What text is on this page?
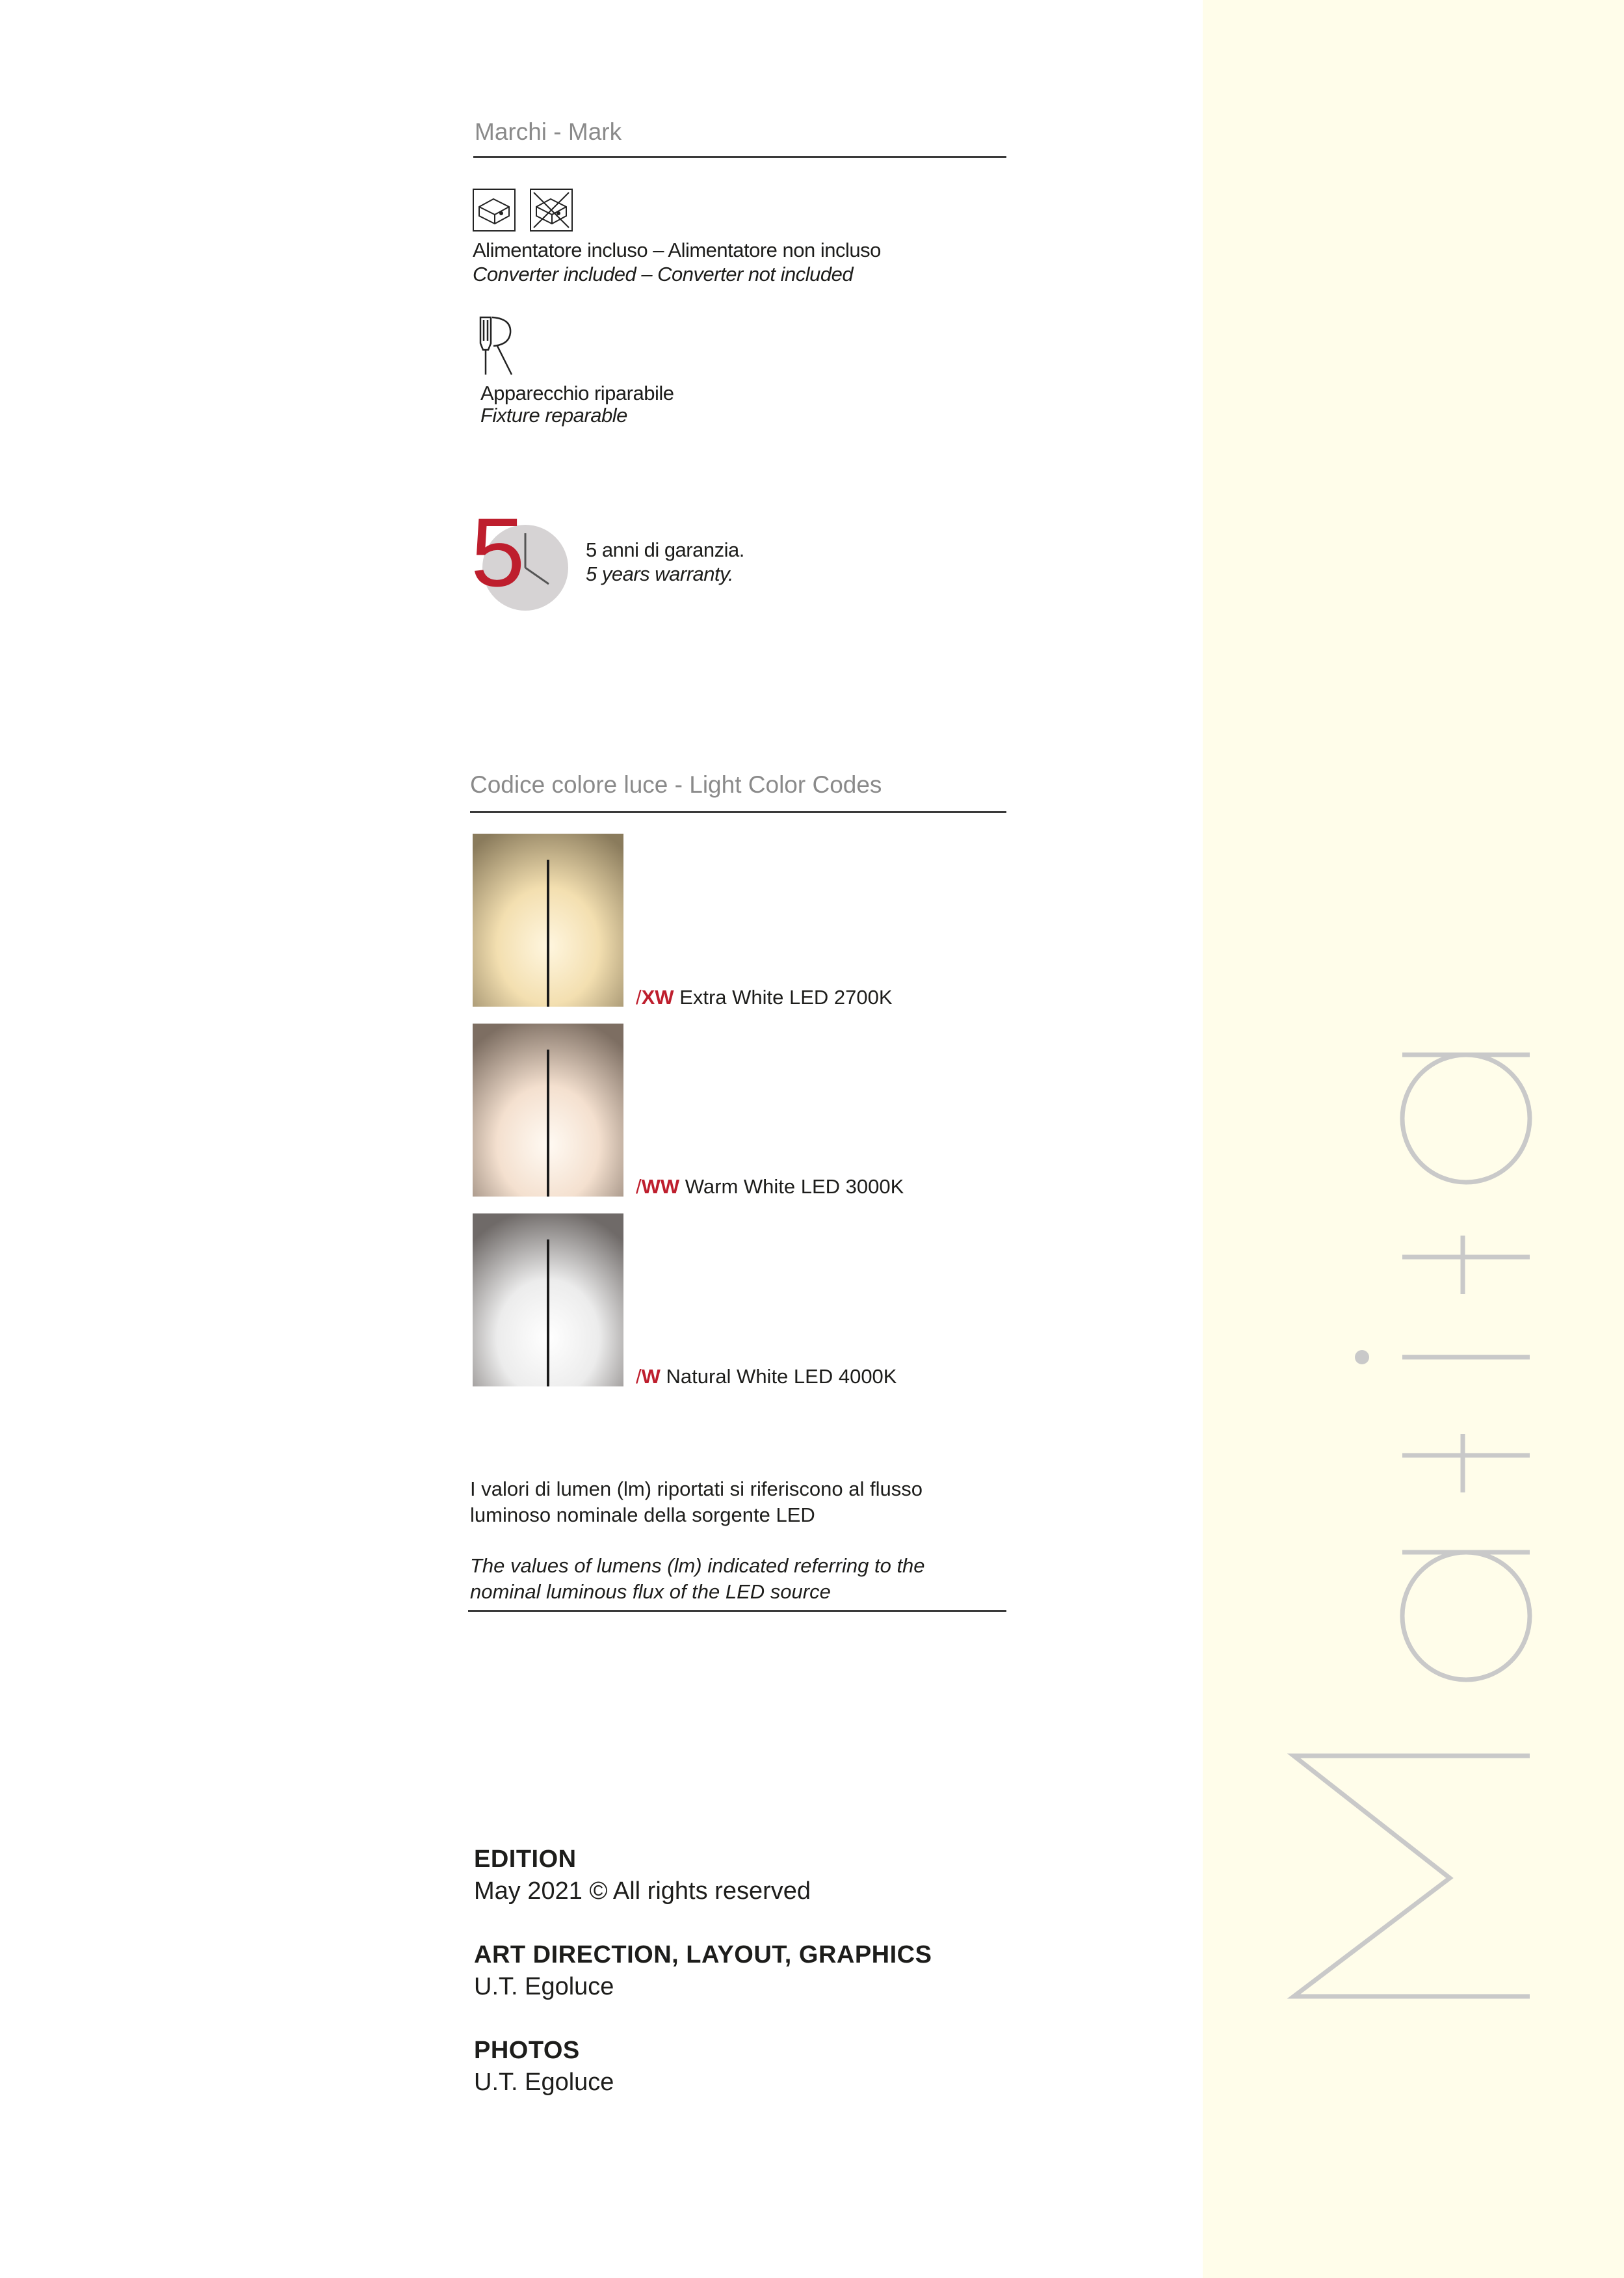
Marchi - Mark
Alimentatore incluso – Alimentatore non incluso
Converter included – Converter not included
Apparecchio riparabile
Fixture reparable
5	5 anni di garanzia.
5 years warranty.
Codice colore luce - Light Color Codes
/XW Extra White LED 2700K
/WW Warm White LED 3000K
/W Natural White LED 4000K
I valori di lumen (lm) riportati si riferiscono al flusso
luminoso nominale della sorgente LED
The values of lumens (lm) indicated referring to the
nominal luminous flux of the LED source
EDITION
May 2021 © All rights reserved
ART DIRECTION, LAYOUT, GRAPHICS
U.T. Egoluce
PHOTOS
U.T. Egoluce
